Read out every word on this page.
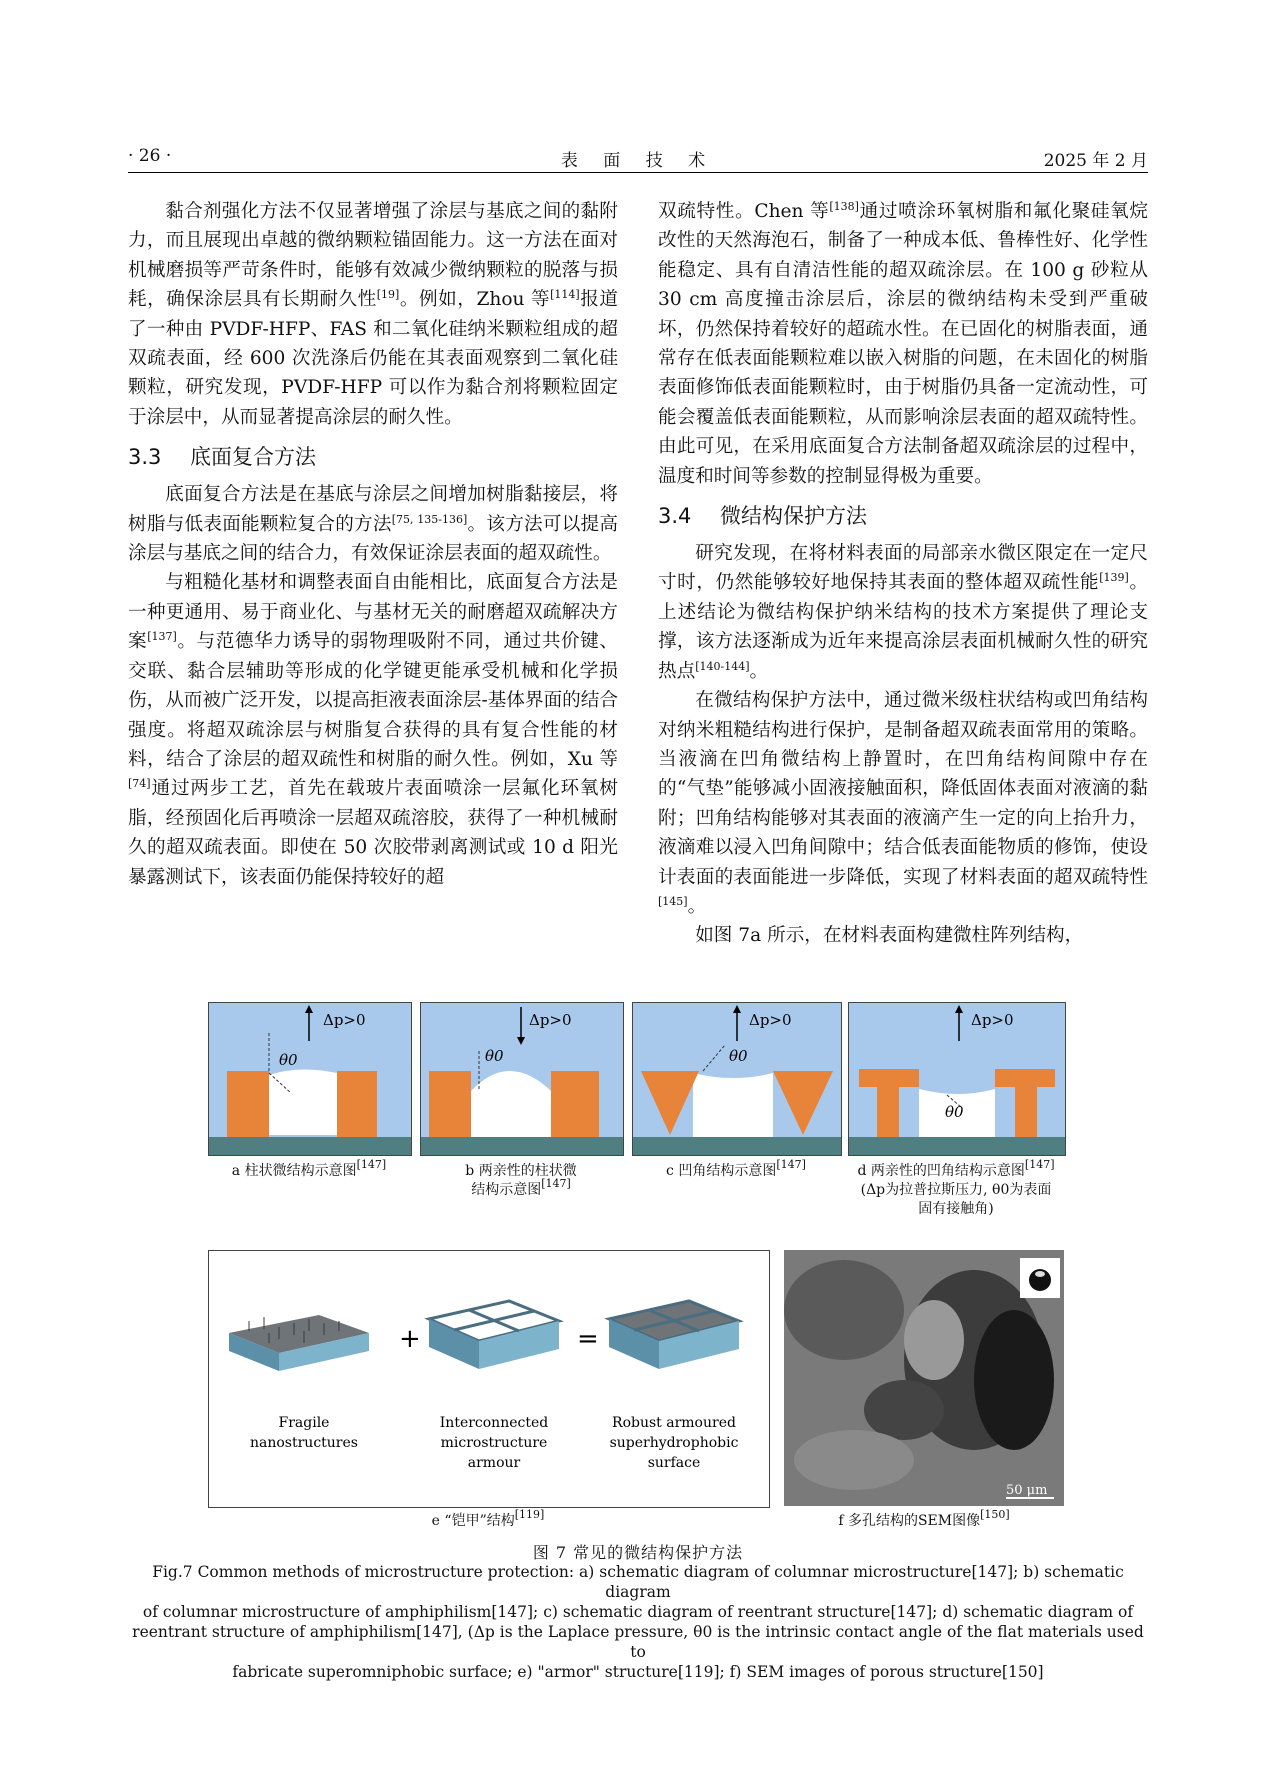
· 26 ·	表 面 技 术	2025 年 2 月

黏合剂强化方法不仅显著增强了涂层与基底之间的黏附力，而且展现出卓越的微纳颗粒锚固能力。这一方法在面对机械磨损等严苛条件时，能够有效减少微纳颗粒的脱落与损耗，确保涂层具有长期耐久性[19]。例如，Zhou 等[114]报道了一种由 PVDF-HFP、FAS 和二氧化硅纳米颗粒组成的超双疏表面，经 600 次洗涤后仍能在其表面观察到二氧化硅颗粒，研究发现，PVDF-HFP 可以作为黏合剂将颗粒固定于涂层中，从而显著提高涂层的耐久性。

3.3 底面复合方法

底面复合方法是在基底与涂层之间增加树脂黏接层，将树脂与低表面能颗粒复合的方法[75, 135-136]。该方法可以提高涂层与基底之间的结合力，有效保证涂层表面的超双疏性。

与粗糙化基材和调整表面自由能相比，底面复合方法是一种更通用、易于商业化、与基材无关的耐磨超双疏解决方案[137]。与范德华力诱导的弱物理吸附不同，通过共价键、交联、黏合层辅助等形成的化学键更能承受机械和化学损伤，从而被广泛开发，以提高拒液表面涂层-基体界面的结合强度。将超双疏涂层与树脂复合获得的具有复合性能的材料，结合了涂层的超双疏性和树脂的耐久性。例如，Xu 等[74]通过两步工艺，首先在载玻片表面喷涂一层氟化环氧树脂，经预固化后再喷涂一层超双疏溶胶，获得了一种机械耐久的超双疏表面。即使在 50 次胶带剥离测试或 10 d 阳光暴露测试下，该表面仍能保持较好的超

双疏特性。Chen 等[138]通过喷涂环氧树脂和氟化聚硅氧烷改性的天然海泡石，制备了一种成本低、鲁棒性好、化学性能稳定、具有自清洁性能的超双疏涂层。在 100 g 砂粒从 30 cm 高度撞击涂层后，涂层的微纳结构未受到严重破坏，仍然保持着较好的超疏水性。在已固化的树脂表面，通常存在低表面能颗粒难以嵌入树脂的问题，在未固化的树脂表面修饰低表面能颗粒时，由于树脂仍具备一定流动性，可能会覆盖低表面能颗粒，从而影响涂层表面的超双疏特性。由此可见，在采用底面复合方法制备超双疏涂层的过程中，温度和时间等参数的控制显得极为重要。

3.4 微结构保护方法

研究发现，在将材料表面的局部亲水微区限定在一定尺寸时，仍然能够较好地保持其表面的整体超双疏性能[139]。上述结论为微结构保护纳米结构的技术方案提供了理论支撑，该方法逐渐成为近年来提高涂层表面机械耐久性的研究热点[140-144]。

在微结构保护方法中，通过微米级柱状结构或凹角结构对纳米粗糙结构进行保护，是制备超双疏表面常用的策略。当液滴在凹角微结构上静置时，在凹角结构间隙中存在的“气垫”能够减小固液接触面积，降低固体表面对液滴的黏附；凹角结构能够对其表面的液滴产生一定的向上抬升力，液滴难以浸入凹角间隙中；结合低表面能物质的修饰，使设计表面的表面能进一步降低，实现了材料表面的超双疏特性[145]。

如图 7a 所示，在材料表面构建微柱阵列结构，

Δp>0
θ0
Δp>0
θ0
Δp>0
θ0
Δp>0
θ0
a 柱状微结构示意图[147]	b 两亲性的柱状微
结构示意图[147]
c 凹角结构示意图[147]	d 两亲性的凹角结构示意图[147]
(Δp为拉普拉斯压力, θ0为表面
固有接触角)
+	=
Fragile
nanostructures
Interconnected
microstructure
armour
Robust armoured
superhydrophobic
surface
50 μm
e “铠甲”结构[119]	f 多孔结构的SEM图像[150]
图 7 常见的微结构保护方法
Fig.7 Common methods of microstructure protection: a) schematic diagram of columnar microstructure[147]; b) schematic diagram
of columnar microstructure of amphiphilism[147]; c) schematic diagram of reentrant structure[147]; d) schematic diagram of
reentrant structure of amphiphilism[147], (Δp is the Laplace pressure, θ0 is the intrinsic contact angle of the flat materials used to
fabricate superomniphobic surface; e) "armor" structure[119]; f) SEM images of porous structure[150]
